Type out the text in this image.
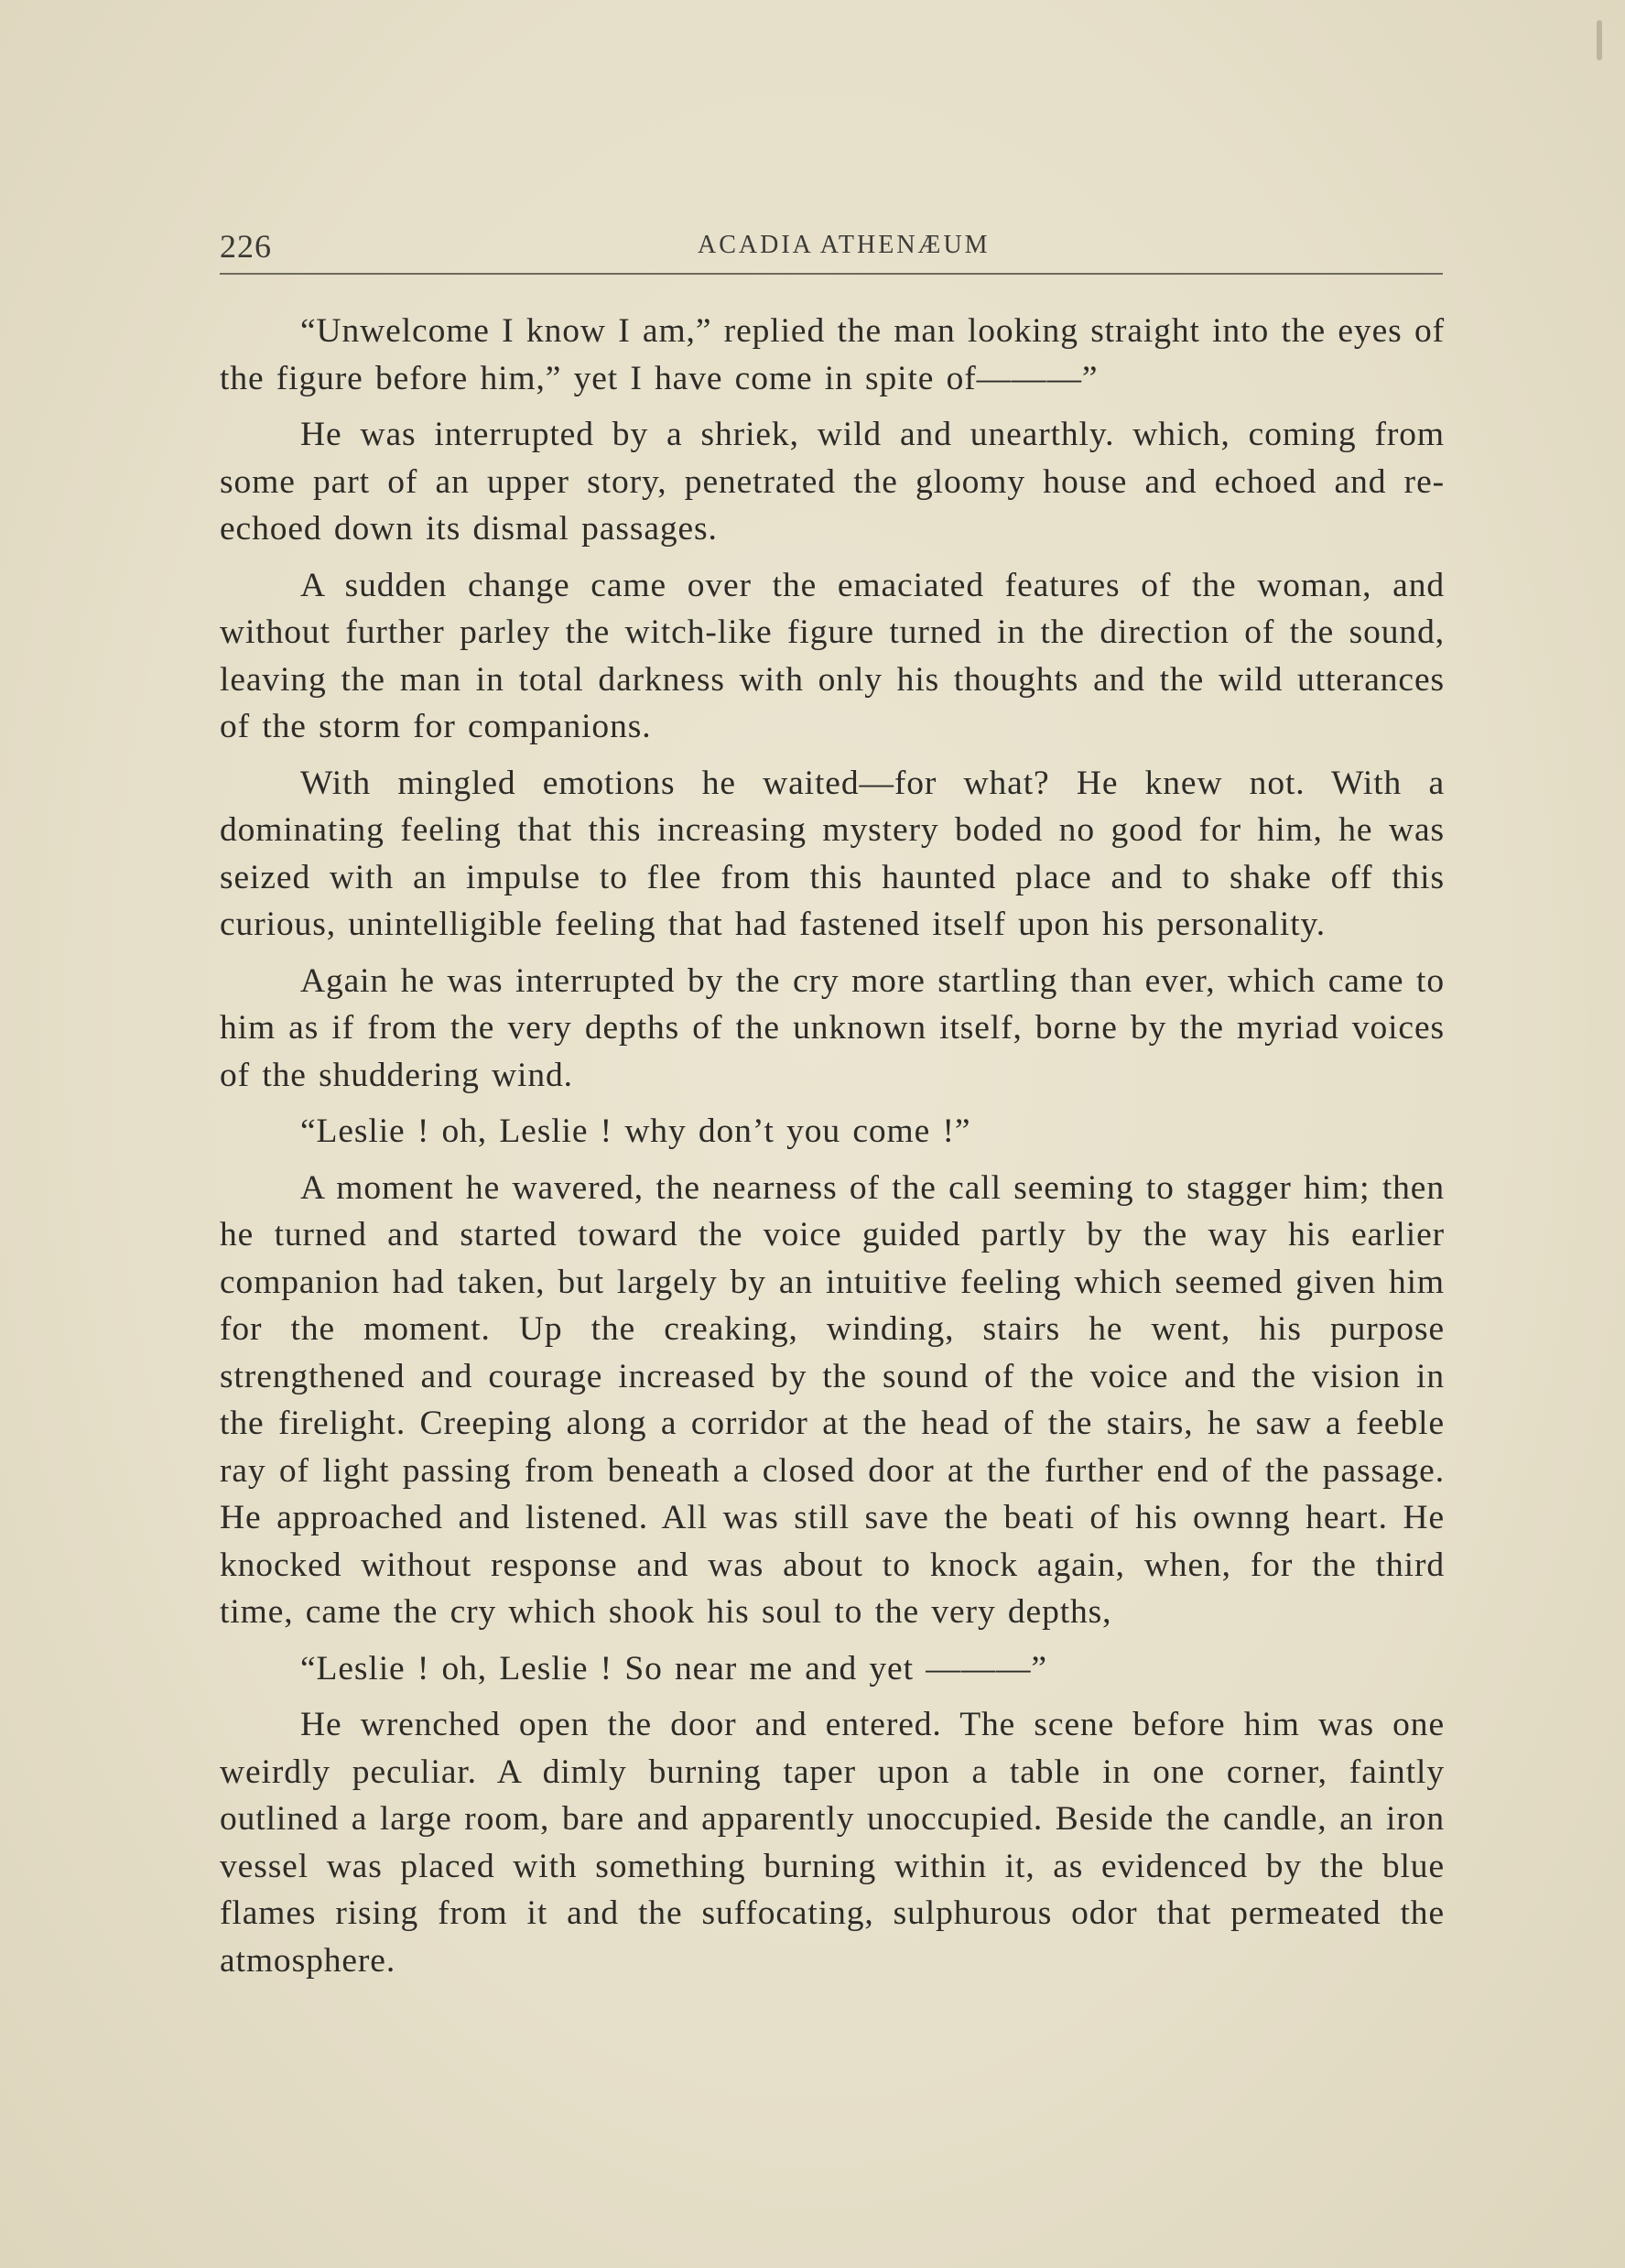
226	ACADIA ATHENÆUM

“Unwelcome I know I am,” replied the man looking straight into the eyes of the figure before him,” yet I have come in spite of———”

He was interrupted by a shriek, wild and unearthly. which, coming from some part of an upper story, penetrated the gloomy house and echoed and re-echoed down its dismal passages.

A sudden change came over the emaciated features of the woman, and without further parley the witch-like figure turned in the direction of the sound, leaving the man in total darkness with only his thoughts and the wild utterances of the storm for companions.

With mingled emotions he waited—for what? He knew not. With a dominating feeling that this increasing mystery boded no good for him, he was seized with an impulse to flee from this haunted place and to shake off this curious, unintelligible feeling that had fastened itself upon his personality.

Again he was interrupted by the cry more startling than ever, which came to him as if from the very depths of the unknown itself, borne by the myriad voices of the shuddering wind.

“Leslie ! oh, Leslie ! why don’t you come !”

A moment he wavered, the nearness of the call seeming to stagger him; then he turned and started toward the voice guided partly by the way his earlier companion had taken, but largely by an intuitive feeling which seemed given him for the moment. Up the creaking, winding, stairs he went, his purpose strengthened and courage increased by the sound of the voice and the vision in the firelight. Creeping along a corridor at the head of the stairs, he saw a feeble ray of light passing from beneath a closed door at the further end of the passage. He approached and listened. All was still save the beati of his ownng heart. He knocked without response and was about to knock again, when, for the third time, came the cry which shook his soul to the very depths,

“Leslie ! oh, Leslie ! So near me and yet ———”

He wrenched open the door and entered. The scene before him was one weirdly peculiar. A dimly burning taper upon a table in one corner, faintly outlined a large room, bare and apparently unoccupied. Beside the candle, an iron vessel was placed with something burning within it, as evidenced by the blue flames rising from it and the suffocating, sulphurous odor that permeated the atmosphere.
